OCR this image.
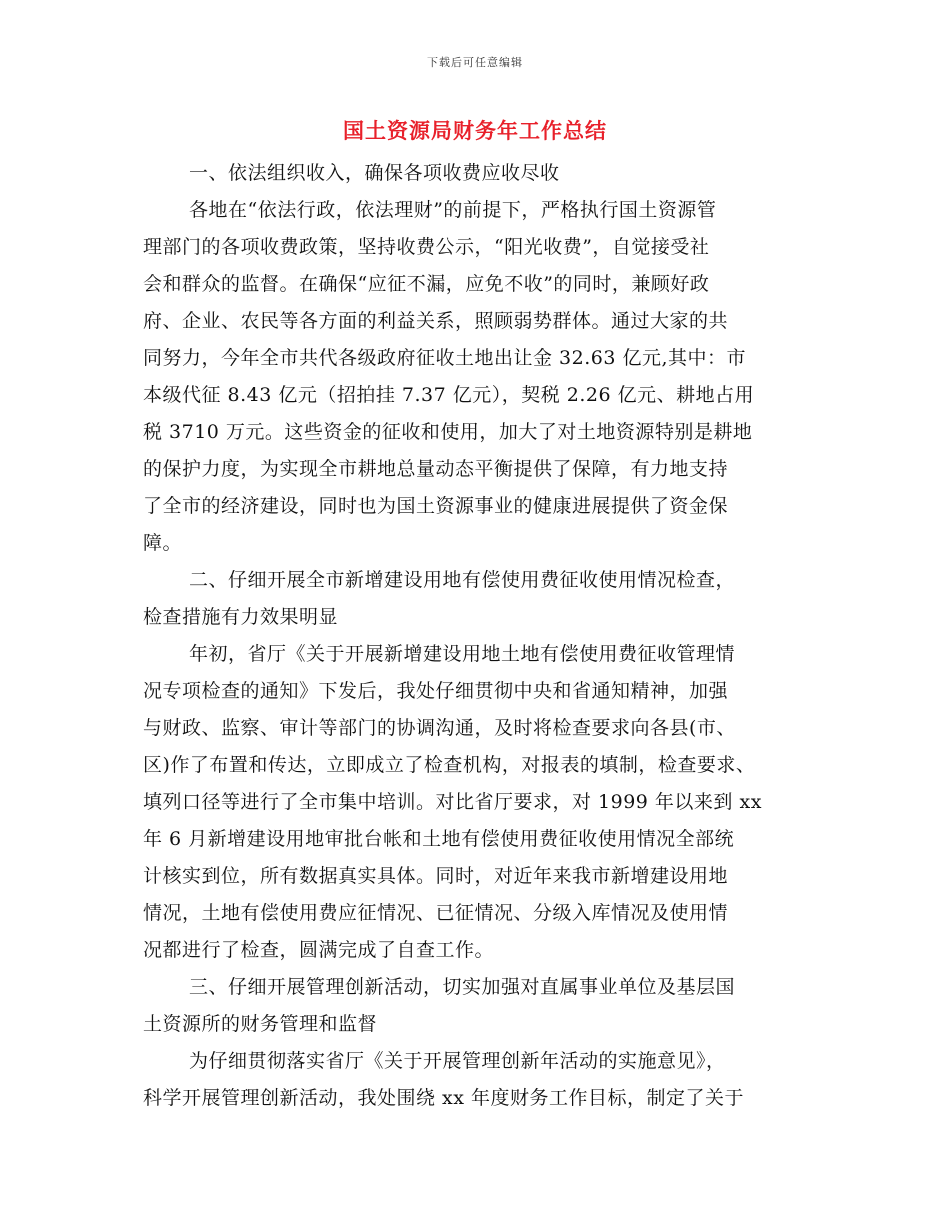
下载后可任意编辑
国土资源局财务年工作总结
一、依法组织收入，确保各项收费应收尽收
各地在“依法行政，依法理财”的前提下，严格执行国土资源管
理部门的各项收费政策，坚持收费公示，“阳光收费”，自觉接受社
会和群众的监督。在确保“应征不漏，应免不收”的同时，兼顾好政
府、企业、农民等各方面的利益关系，照顾弱势群体。通过大家的共
同努力，今年全市共代各级政府征收土地出让金 32.63 亿元,其中：市
本级代征 8.43 亿元（招拍挂 7.37 亿元），契税 2.26 亿元、耕地占用
税 3710 万元。这些资金的征收和使用，加大了对土地资源特别是耕地
的保护力度，为实现全市耕地总量动态平衡提供了保障，有力地支持
了全市的经济建设，同时也为国土资源事业的健康进展提供了资金保
障。
二、仔细开展全市新增建设用地有偿使用费征收使用情况检查，
检查措施有力效果明显
年初，省厅《关于开展新增建设用地土地有偿使用费征收管理情
况专项检查的通知》下发后，我处仔细贯彻中央和省通知精神，加强
与财政、监察、审计等部门的协调沟通，及时将检查要求向各县(市、
区)作了布置和传达，立即成立了检查机构，对报表的填制，检查要求、
填列口径等进行了全市集中培训。对比省厅要求，对 1999 年以来到 xx
年 6 月新增建设用地审批台帐和土地有偿使用费征收使用情况全部统
计核实到位，所有数据真实具体。同时，对近年来我市新增建设用地
情况，土地有偿使用费应征情况、已征情况、分级入库情况及使用情
况都进行了检查，圆满完成了自查工作。
三、仔细开展管理创新活动，切实加强对直属事业单位及基层国
土资源所的财务管理和监督
为仔细贯彻落实省厅《关于开展管理创新年活动的实施意见》，
科学开展管理创新活动，我处围绕 xx 年度财务工作目标，制定了关于
